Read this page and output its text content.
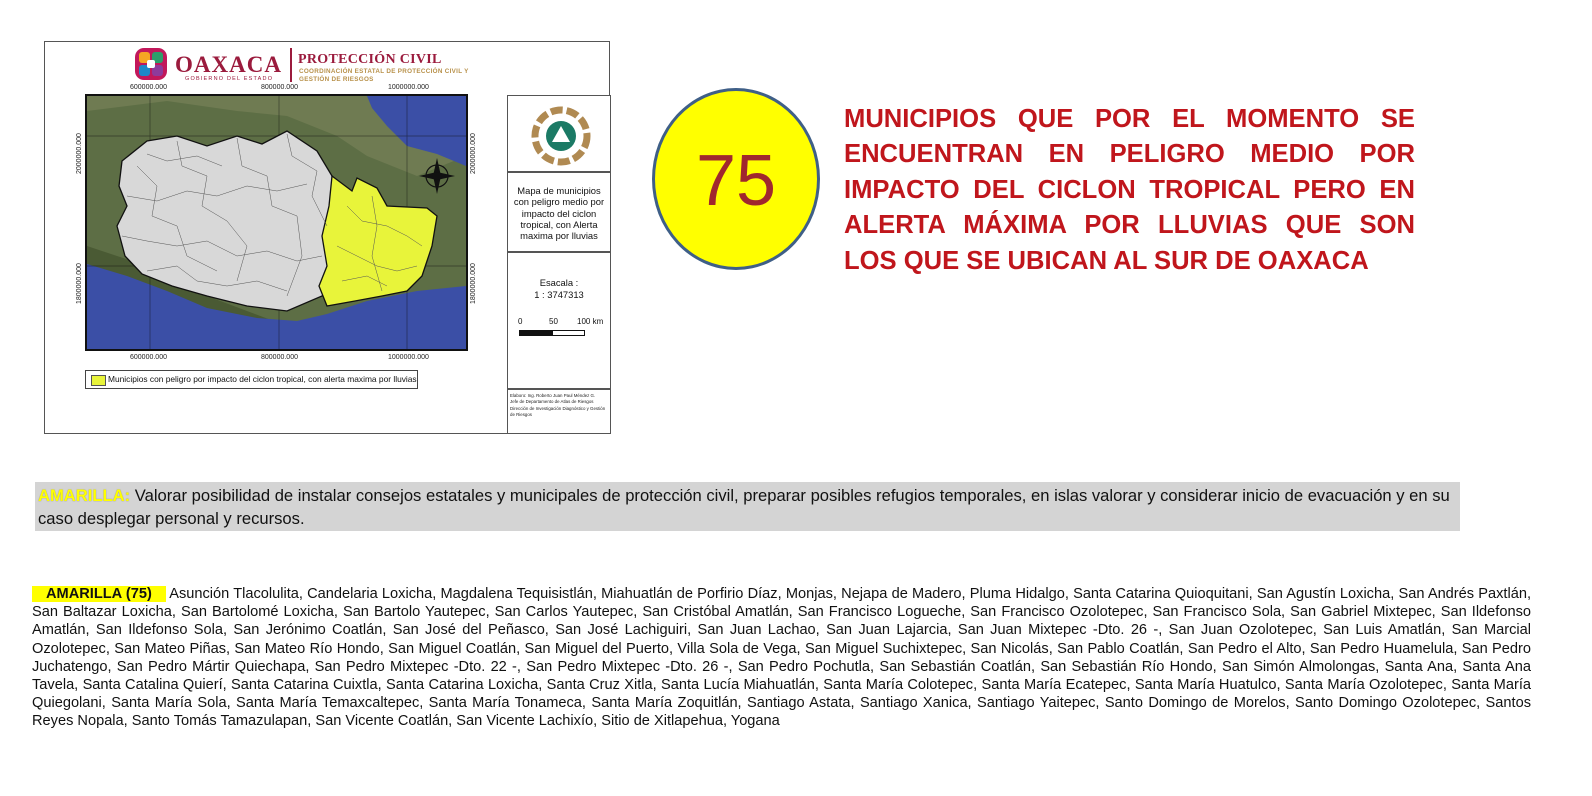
OAXACA
GOBIERNO DEL ESTADO
PROTECCIÓN CIVIL
COORDINACIÓN ESTATAL DE PROTECCIÓN CIVIL Y GESTIÓN DE RIESGOS
600000.000	800000.000	1000000.000
600000.000	800000.000	1000000.000
2000000.000
1800000.000
2000000.000
1800000.000
Municipios con peligro por impacto del ciclon tropical, con alerta maxima por lluvias
Mapa de municipios con peligro medio por impacto del ciclon tropical, con Alerta maxima por lluvias
Esacala :
1 : 3747313
0	50 100 km
Elaboro: Ing. Roberto Juan Paul Méndez G.
Jefe de Departamento de Atlas de Riesgos
Dirección de Investigación Diagnóstico y Gestión de Riesgos
75
MUNICIPIOS QUE POR EL MOMENTO SE ENCUENTRAN EN PELIGRO MEDIO POR IMPACTO DEL CICLON TROPICAL PERO EN ALERTA MÁXIMA POR LLUVIAS QUE SON LOS QUE SE UBICAN AL SUR DE OAXACA
AMARILLA: Valorar posibilidad de instalar consejos estatales y municipales de protección civil, preparar posibles refugios temporales, en islas valorar y considerar inicio de evacuación y en su caso desplegar personal y recursos.
AMARILLA (75) Asunción Tlacolulita, Candelaria Loxicha, Magdalena Tequisistlán, Miahuatlán de Porfirio Díaz, Monjas, Nejapa de Madero, Pluma Hidalgo, Santa Catarina Quioquitani, San Agustín Loxicha, San Andrés Paxtlán, San Baltazar Loxicha, San Bartolomé Loxicha, San Bartolo Yautepec, San Carlos Yautepec, San Cristóbal Amatlán, San Francisco Logueche, San Francisco Ozolotepec, San Francisco Sola, San Gabriel Mixtepec, San Ildefonso Amatlán, San Ildefonso Sola, San Jerónimo Coatlán, San José del Peñasco, San José Lachiguiri, San Juan Lachao, San Juan Lajarcia, San Juan Mixtepec -Dto. 26 -, San Juan Ozolotepec, San Luis Amatlán, San Marcial Ozolotepec, San Mateo Piñas, San Mateo Río Hondo, San Miguel Coatlán, San Miguel del Puerto, Villa Sola de Vega, San Miguel Suchixtepec, San Nicolás, San Pablo Coatlán, San Pedro el Alto, San Pedro Huamelula, San Pedro Juchatengo, San Pedro Mártir Quiechapa, San Pedro Mixtepec -Dto. 22 -, San Pedro Mixtepec -Dto. 26 -, San Pedro Pochutla, San Sebastián Coatlán, San Sebastián Río Hondo, San Simón Almolongas, Santa Ana, Santa Ana Tavela, Santa Catalina Quierí, Santa Catarina Cuixtla, Santa Catarina Loxicha, Santa Cruz Xitla, Santa Lucía Miahuatlán, Santa María Colotepec, Santa María Ecatepec, Santa María Huatulco, Santa María Ozolotepec, Santa María Quiegolani, Santa María Sola, Santa María Temaxcaltepec, Santa María Tonameca, Santa María Zoquitlán, Santiago Astata, Santiago Xanica, Santiago Yaitepec, Santo Domingo de Morelos, Santo Domingo Ozolotepec, Santos Reyes Nopala, Santo Tomás Tamazulapan, San Vicente Coatlán, San Vicente Lachixío, Sitio de Xitlapehua, Yogana
